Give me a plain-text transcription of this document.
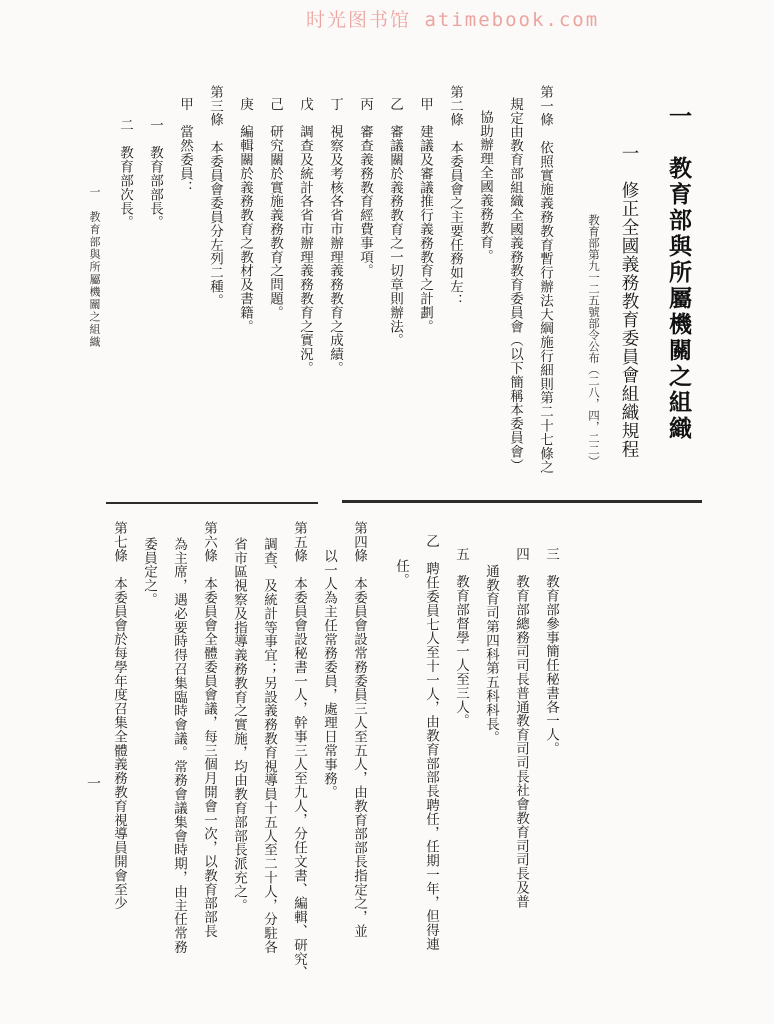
时光图书馆 atimebook.com
一　教育部與所屬機關之組織
一　修正全國義務教育委員會組織規程
教育部第九一二五號部令公布（二八，四，二二）
第一條　依照實施義務教育暫行辦法大綱施行細則第二十七條之
規定由教育部組織全國義務教育委員會（以下簡稱本委員會）
協助辦理全國義務教育。
第二條　本委員會之主要任務如左：
甲　建議及審議推行義務教育之計劃。
乙　審議關於義務教育之一切章則辦法。
丙　審查義務教育經費事項。
丁　視察及考核各省市辦理義務教育之成績。
戊　調查及統計各省市辦理義務教育之實況。
己　研究關於實施義務教育之問題。
庚　編輯關於義務教育之教材及書籍。
第三條　本委員會委員分左列二種。
甲　當然委員：
一　教育部部長。
二　教育部次長。
三　教育部參事簡任秘書各一人。
四　教育部總務司司長普通教育司司長社會教育司司長及普
通教育司第四科第五科科長。
五　教育部督學一人至三人。
乙　聘任委員七人至十一人，由教育部部長聘任，任期一年，但得連
任。
第四條　本委員會設常務委員三人至五人，由教育部部長指定之，並
以一人為主任常務委員，處理日常事務。
第五條　本委員會設秘書一人，幹事三人至九人，分任文書、編輯、研究、
調查、及統計等事宜；另設義務教育視導員十五人至二十人，分駐各
省市區視察及指導義務教育之實施，均由教育部部長派充之。
第六條　本委員會全體委員會議，每三個月開會一次，以教育部部長
為主席，遇必要時得召集臨時會議。常務會議集會時期，由主任常務
委員定之。
第七條　本委員會於每學年度召集全體義務教育視導員開會至少
一　教育部與所屬機關之組織
一
